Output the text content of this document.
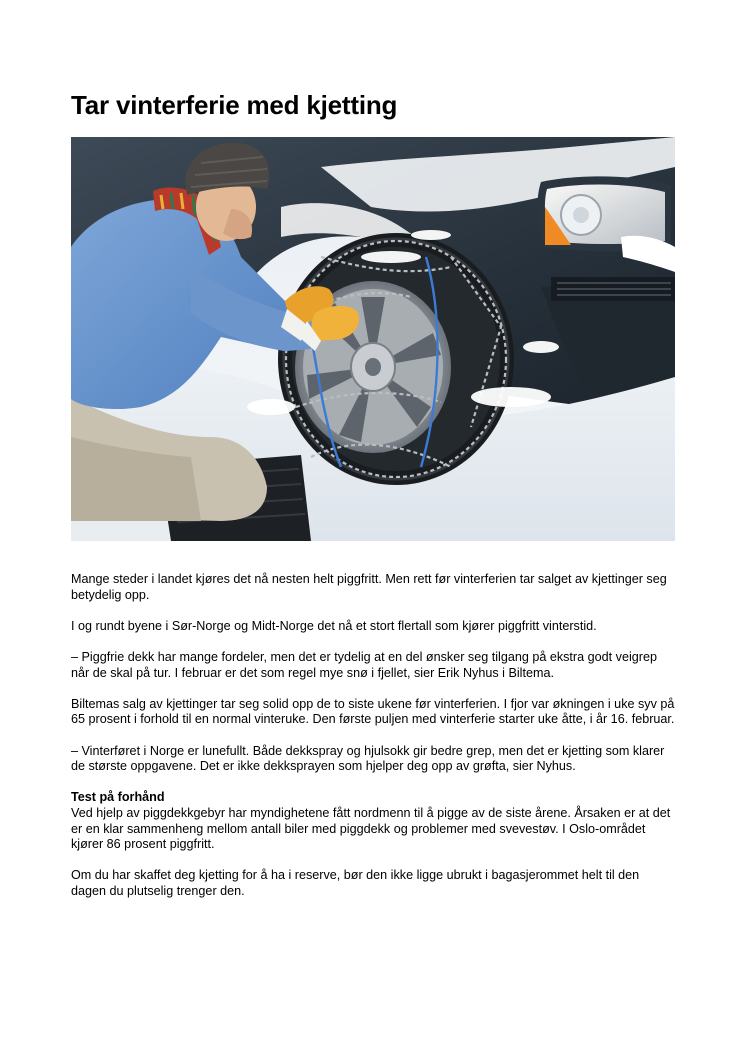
Tar vinterferie med kjetting

Mange steder i landet kjøres det nå nesten helt piggfritt. Men rett før vinterferien tar salget av kjettinger seg betydelig opp.

I og rundt byene i Sør-Norge og Midt-Norge det nå et stort flertall som kjører piggfritt vinterstid.

– Piggfrie dekk har mange fordeler, men det er tydelig at en del ønsker seg tilgang på ekstra godt veigrep når de skal på tur. I februar er det som regel mye snø i fjellet, sier Erik Nyhus i Biltema.

Biltemas salg av kjettinger tar seg solid opp de to siste ukene før vinterferien. I fjor var økningen i uke syv på 65 prosent i forhold til en normal vinteruke. Den første puljen med vinterferie starter uke åtte, i år 16. februar.

– Vinterføret i Norge er lunefullt. Både dekkspray og hjulsokk gir bedre grep, men det er kjetting som klarer de største oppgavene. Det er ikke dekksprayen som hjelper deg opp av grøfta, sier Nyhus.

Test på forhånd
Ved hjelp av piggdekkgebyr har myndighetene fått nordmenn til å pigge av de siste årene. Årsaken er at det er en klar sammenheng mellom antall biler med piggdekk og problemer med svevestøv. I Oslo-området kjører 86 prosent piggfritt.

Om du har skaffet deg kjetting for å ha i reserve, bør den ikke ligge ubrukt i bagasjerommet helt til den dagen du plutselig trenger den.
